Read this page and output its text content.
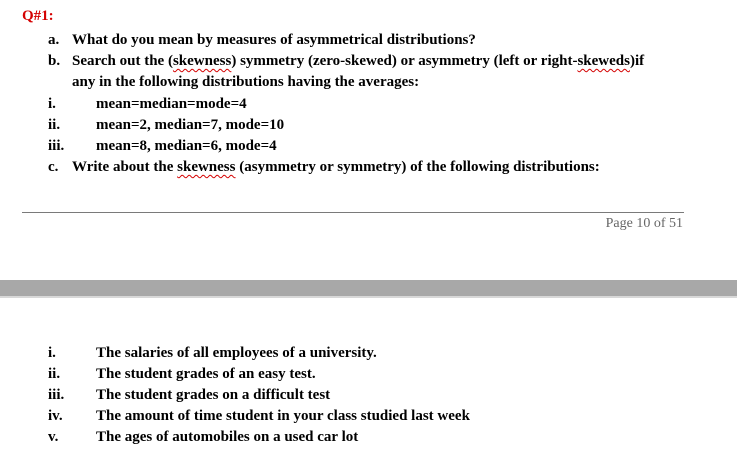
Q#1:
a. What do you mean by measures of asymmetrical distributions?
b. Search out the (skewness) symmetry (zero-skewed) or asymmetry (left or right-skeweds)if
any in the following distributions having the averages:
i.	mean=median=mode=4
ii. mean=2, median=7, mode=10
iii. mean=8, median=6, mode=4
c. Write about the skewness (asymmetry or symmetry) of the following distributions:
Page 10 of 51
i.	The salaries of all employees of a university.
ii. The student grades of an easy test.
iii. The student grades on a difficult test
iv. The amount of time student in your class studied last week
v.	The ages of automobiles on a used car lot
